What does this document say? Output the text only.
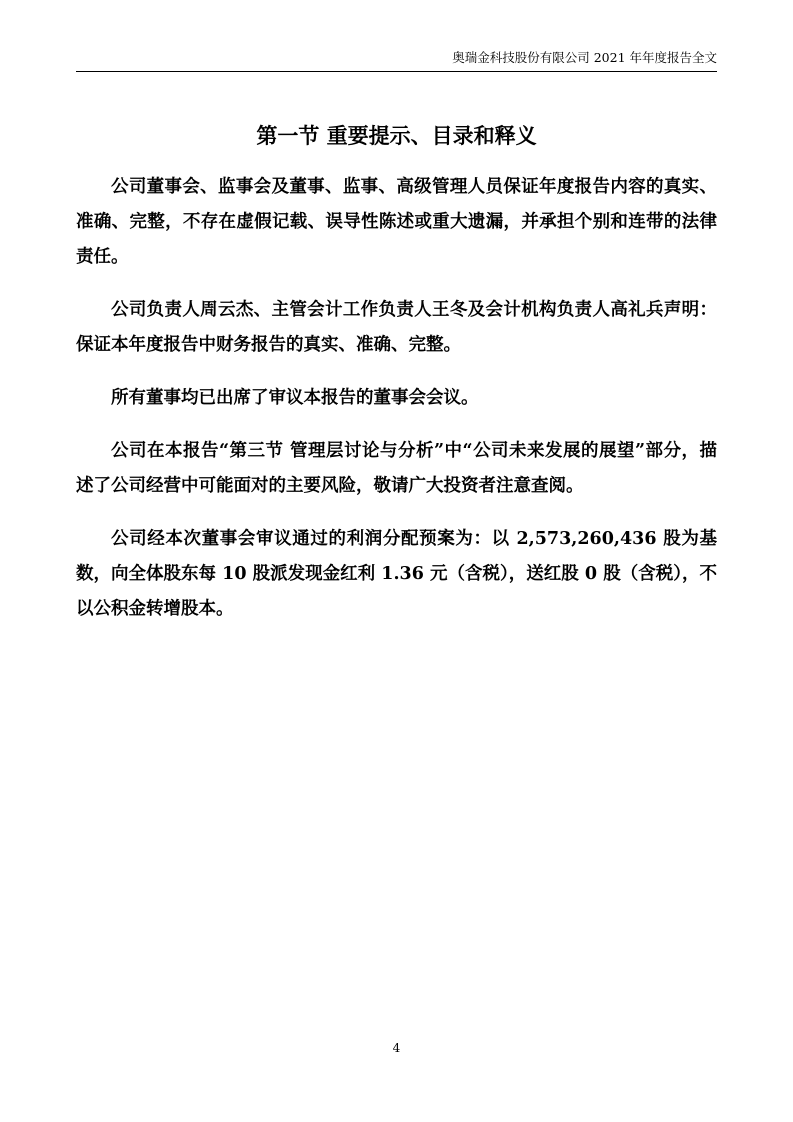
奥瑞金科技股份有限公司 2021 年年度报告全文
第一节 重要提示、目录和释义

公司董事会、监事会及董事、监事、高级管理人员保证年度报告内容的真实、准确、完整，不存在虚假记载、误导性陈述或重大遗漏，并承担个别和连带的法律责任。

公司负责人周云杰、主管会计工作负责人王冬及会计机构负责人高礼兵声明：保证本年度报告中财务报告的真实、准确、完整。

所有董事均已出席了审议本报告的董事会会议。

公司在本报告“第三节 管理层讨论与分析”中“公司未来发展的展望”部分，描述了公司经营中可能面对的主要风险，敬请广大投资者注意查阅。

公司经本次董事会审议通过的利润分配预案为：以 2,573,260,436 股为基数，向全体股东每 10 股派发现金红利 1.36 元（含税），送红股 0 股（含税），不以公积金转增股本。

4
